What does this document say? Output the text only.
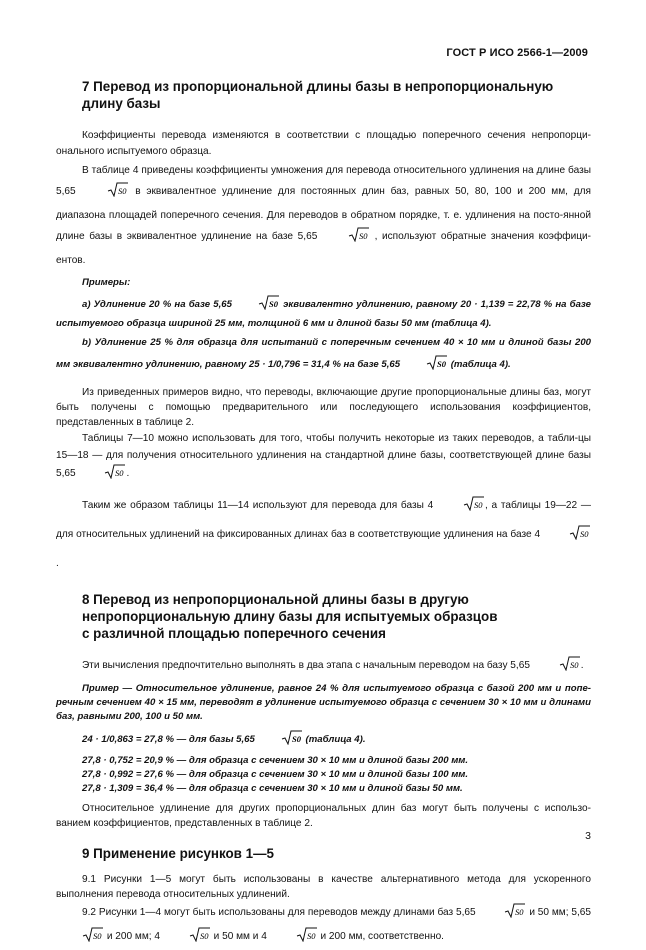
ГОСТ Р ИСО 2566-1—2009
7 Перевод из пропорциональной длины базы в непропорциональную
длину базы

Коэффициенты перевода изменяются в соответствии с площадью поперечного сечения непропорци-онального испытуемого образца.

В таблице 4 приведены коэффициенты умножения для перевода относительного удлинения на длине базы 5,65	S0 в эквивалентное удлинение для постоянных длин баз, равных 50, 80, 100 и 200 мм, для диапазона площадей поперечного сечения. Для переводов в обратном порядке, т. е. удлинения на посто-янной длине базы в эквивалентное удлинение на базе 5,65	S0 , используют обратные значения коэффици-ентов.

Примеры:

а) Удлинение 20 % на базе 5,65	S0 эквивалентно удлинению, равному 20 · 1,139 = 22,78 % на базе испытуемого образца шириной 25 мм, толщиной 6 мм и длиной базы 50 мм (таблица 4).

b) Удлинение 25 % для образца для испытаний с поперечным сечением 40 × 10 мм и длиной базы 200 мм эквивалентно удлинению, равному 25 · 1/0,796 = 31,4 % на базе 5,65	S0 (таблица 4).

Из приведенных примеров видно, что переводы, включающие другие пропорциональные длины баз, могут быть получены с помощью предварительного или последующего использования коэффициентов, представленных в таблице 2.

Таблицы 7—10 можно использовать для того, чтобы получить некоторые из таких переводов, а табли-цы 15—18 — для получения относительного удлинения на стандартной длине базы, соответствующей длине базы 5,65	S0 .

Таким же образом таблицы 11—14 используют для перевода для базы 4	S0 , а таблицы 19—22 — для относительных удлинений на фиксированных длинах баз в соответствующие удлинения на базе 4	S0
.

8 Перевод из непропорциональной длины базы в другую
непропорциональную длину базы для испытуемых образцов
с различной площадью поперечного сечения

Эти вычисления предпочтительно выполнять в два этапа с начальным переводом на базу 5,65	S0 .

Пример — Относительное удлинение, равное 24 % для испытуемого образца с базой 200 мм и попе-речным сечением 40 × 15 мм, переводят в удлинение испытуемого образца с сечением 30 × 10 мм и длинами баз, равными 200, 100 и 50 мм.

24 · 1/0,863 = 27,8 % — для базы 5,65	S0 (таблица 4).

27,8 · 0,752 = 20,9 % — для образца с сечением 30 × 10 мм и длиной базы 200 мм.

27,8 · 0,992 = 27,6 % — для образца с сечением 30 × 10 мм и длиной базы 100 мм.

27,8 · 1,309 = 36,4 % — для образца с сечением 30 × 10 мм и длиной базы 50 мм.

Относительное удлинение для других пропорциональных длин баз могут быть получены с использо-ванием коэффициентов, представленных в таблице 2.

9 Применение рисунков 1—5

9.1 Рисунки 1—5 могут быть использованы в качестве альтернативного метода для ускоренного выполнения перевода относительных удлинений.

9.2 Рисунки 1—4 могут быть использованы для переводов между длинами баз 5,65	S0 и 50 мм; 5,65
S0 и 200 мм; 4	S0 и 50 мм и 4	S0 и 200 мм, соответственно.

3
